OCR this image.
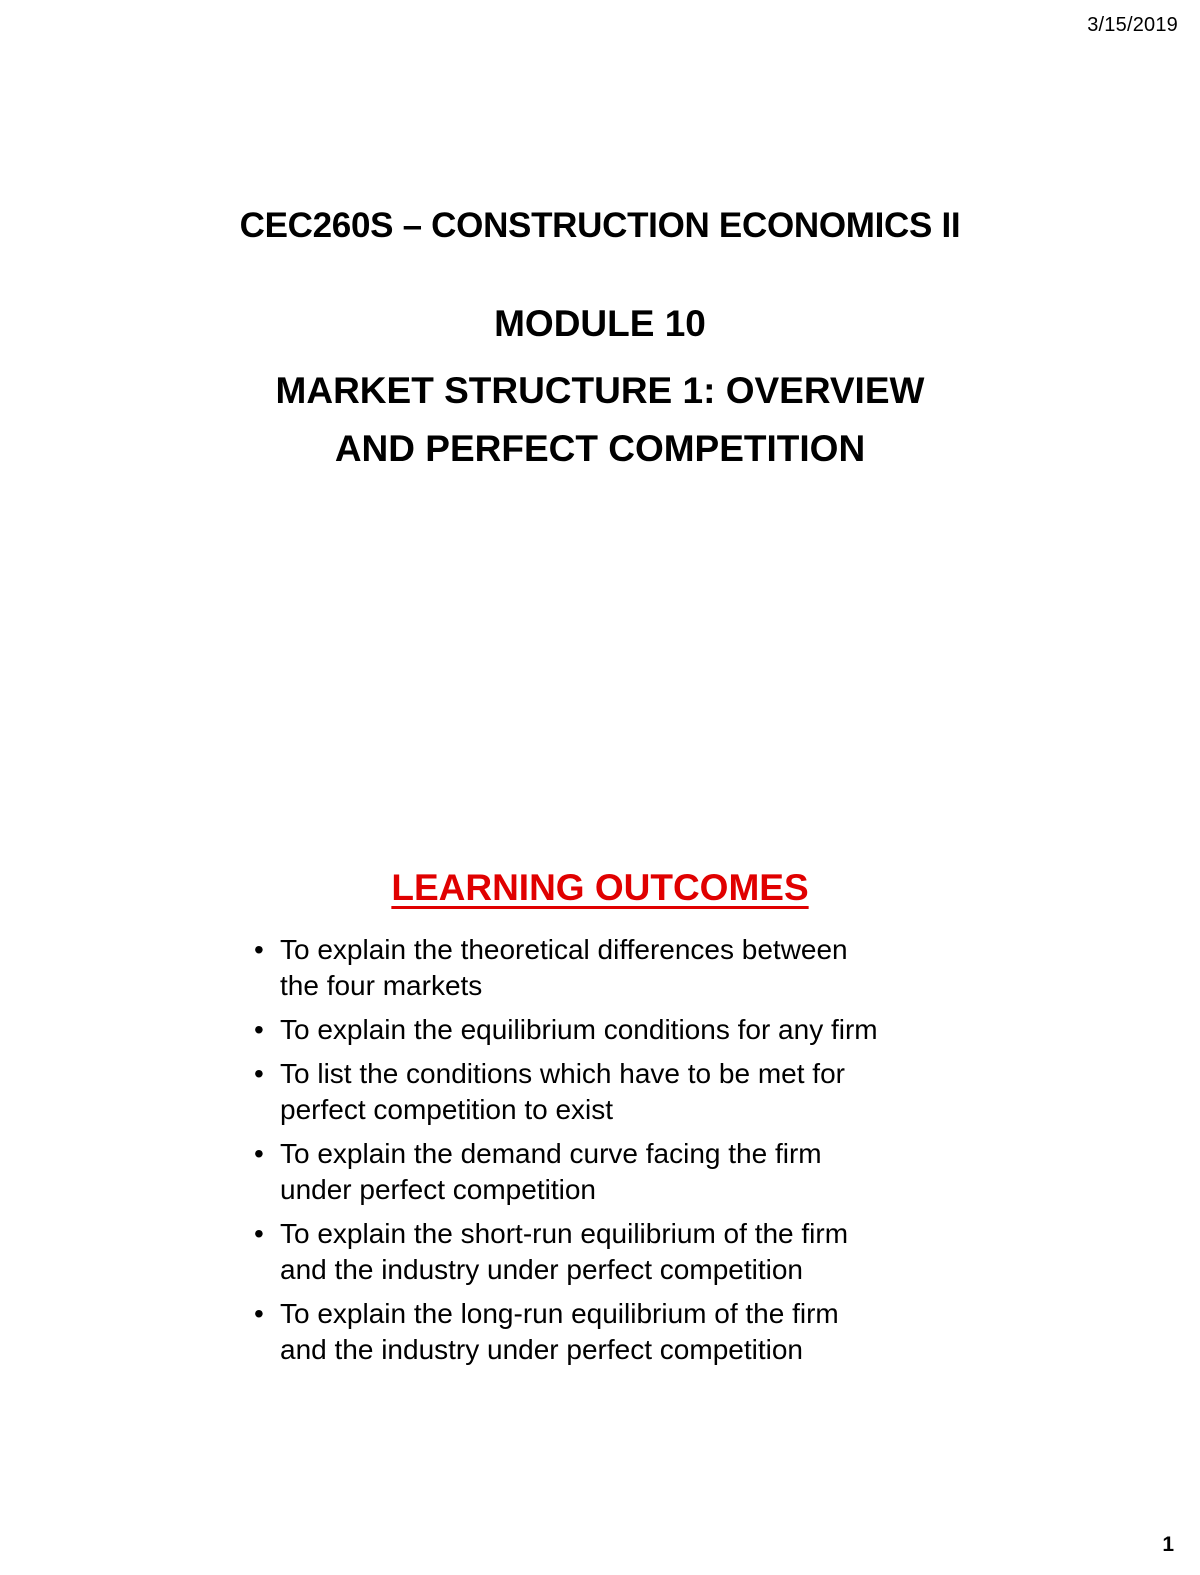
3/15/2019
CEC260S – CONSTRUCTION ECONOMICS II
MODULE 10
MARKET STRUCTURE 1: OVERVIEW
AND PERFECT COMPETITION
LEARNING OUTCOMES
• To explain the theoretical differences between
the four markets
• To explain the equilibrium conditions for any firm
• To list the conditions which have to be met for
perfect competition to exist
• To explain the demand curve facing the firm
under perfect competition
• To explain the short-run equilibrium of the firm
and the industry under perfect competition
• To explain the long-run equilibrium of the firm
and the industry under perfect competition
1
